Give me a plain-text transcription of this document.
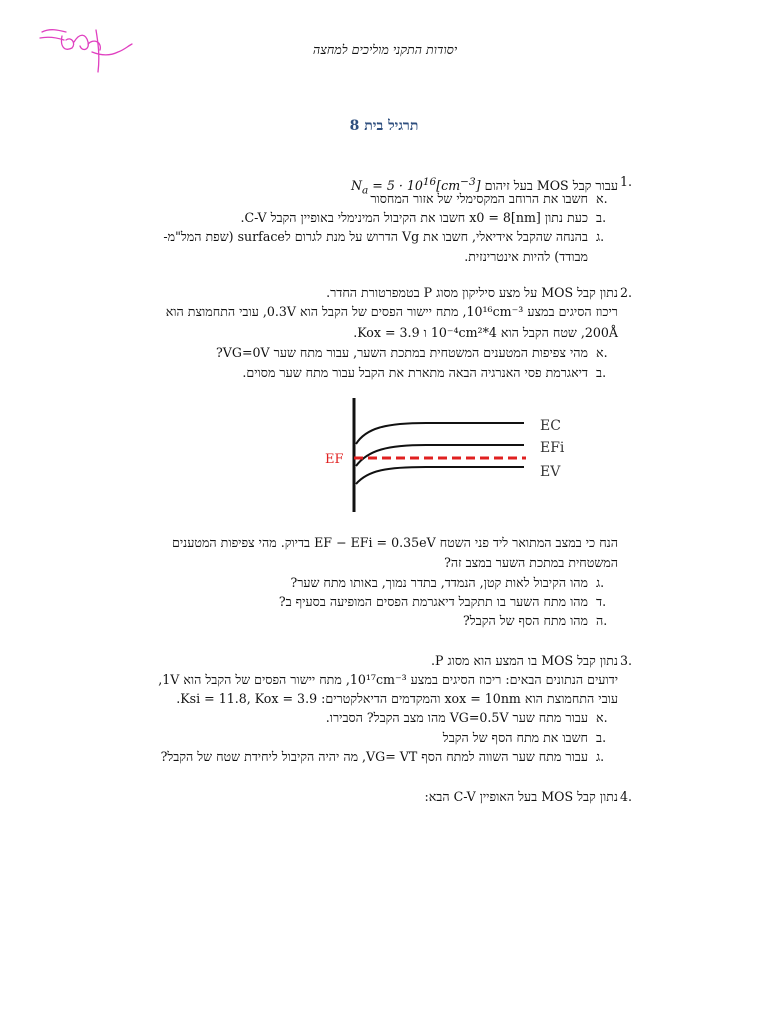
יסודות התקני מוליכים למחצה
תרגיל בית 8
1.
עבור קבל MOS בעל זיהום $N_a = 5 \cdot 10^{16}[cm^{-3}]$
א.
חשבו את הרוחב המקסימלי של אזור המחסור
ב.
כעת נתון x0 = 8[nm] חשבו את הקיבול המינימלי באופיין הקבל C-V.
ג.
בהנחה שהקבל אידיאלי, חשבו את Vg הדרוש על מנת לגרום לsurface (שפת המל"מ-
מבודד) להיות אינטרינזית.
2.
נתון קבל MOS על מצע סיליקון מסוג P בטמפרטורת החדר.
ריכוז הסיגים במצע 10¹⁶cm⁻³, מתח יישור הפסים של הקבל הוא 0.3V, עובי התחמוצת הוא
200Å, שטח הקבל הוא 4*10⁻⁴cm² ו Kox = 3.9.
א.
מהי צפיפות המטענים המשטחית במתכת השער, עבור מתח שער VG=0V?
ב.
דיאגרמת פסי האנרגיה הבאה מתארת את הקבל עבור מתח שער מסוים.
EC
EFi
EV
EF
הנח כי במצב המתואר ליד פני השטח EF − EFi = 0.35eV בדיוק. מהי צפיפות המטענים
המשטחית במתכת השער במצב זה?
ג.
מהו הקיבול לאות קטן, הנמדד, בתדר נמוך, באותו מתח שער?
ד.
מהו מתח השער בו תתקבל דיאגרמת הפסים המופיעה בסעיף ב?
ה.
מהו מתח הסף של הקבל?
3.
נתון קבל MOS בו המצע הוא מסוג P.
ידועים הנתונים הבאים: ריכוז הסיגים במצע 10¹⁷cm⁻³, מתח יישור הפסים של הקבל הוא 1V,
עובי התחמוצת הוא xox = 10nm והמקדמים הדיאלקטרים: Ksi = 11.8, Kox = 3.9.
א.
עבור מתח שער VG=0.5V מהו מצב הקבל? הסבירו.
ב.
חשבו את מתח הסף של הקבל
ג.
עבור מתח שער השווה למתח הסף VG= VT, מה יהיה הקיבול ליחידת שטח של הקבל?
4.
נתון קבל MOS בעל האופיין C-V הבא:
